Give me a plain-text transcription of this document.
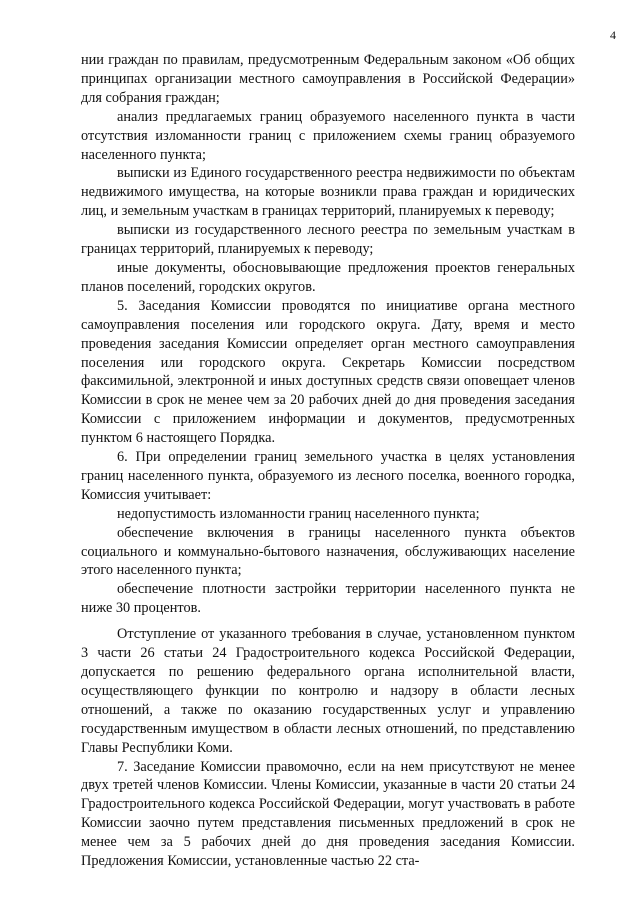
4

нии граждан по правилам, предусмотренным Федеральным законом «Об общих принципах организации местного самоуправления в Российской Федерации» для собрания граждан;

анализ предлагаемых границ образуемого населенного пункта в части отсутствия изломанности границ с приложением схемы границ образуемого населенного пункта;

выписки из Единого государственного реестра недвижимости по объектам недвижимого имущества, на которые возникли права граждан и юридических лиц, и земельным участкам в границах территорий, планируемых к переводу;

выписки из государственного лесного реестра по земельным участкам в границах территорий, планируемых к переводу;

иные документы, обосновывающие предложения проектов генеральных планов поселений, городских округов.

5. Заседания Комиссии проводятся по инициативе органа местного самоуправления поселения или городского округа. Дату, время и место проведения заседания Комиссии определяет орган местного самоуправления поселения или городского округа. Секретарь Комиссии посредством факсимильной, электронной и иных доступных средств связи оповещает членов Комиссии в срок не менее чем за 20 рабочих дней до дня проведения заседания Комиссии с приложением информации и документов, предусмотренных пунктом 6 настоящего Порядка.

6. При определении границ земельного участка в целях установления границ населенного пункта, образуемого из лесного поселка, военного городка, Комиссия учитывает:

недопустимость изломанности границ населенного пункта;

обеспечение включения в границы населенного пункта объектов социального и коммунально-бытового назначения, обслуживающих население этого населенного пункта;

обеспечение плотности застройки территории населенного пункта не ниже 30 процентов.

Отступление от указанного требования в случае, установленном пунктом 3 части 26 статьи 24 Градостроительного кодекса Российской Федерации, допускается по решению федерального органа исполнительной власти, осуществляющего функции по контролю и надзору в области лесных отношений, а также по оказанию государственных услуг и управлению государственным имуществом в области лесных отношений, по представлению Главы Республики Коми.

7. Заседание Комиссии правомочно, если на нем присутствуют не менее двух третей членов Комиссии. Члены Комиссии, указанные в части 20 статьи 24 Градостроительного кодекса Российской Федерации, могут участвовать в работе Комиссии заочно путем представления письменных предложений в срок не менее чем за 5 рабочих дней до дня проведения заседания Комиссии. Предложения Комиссии, установленные частью 22 ста-
